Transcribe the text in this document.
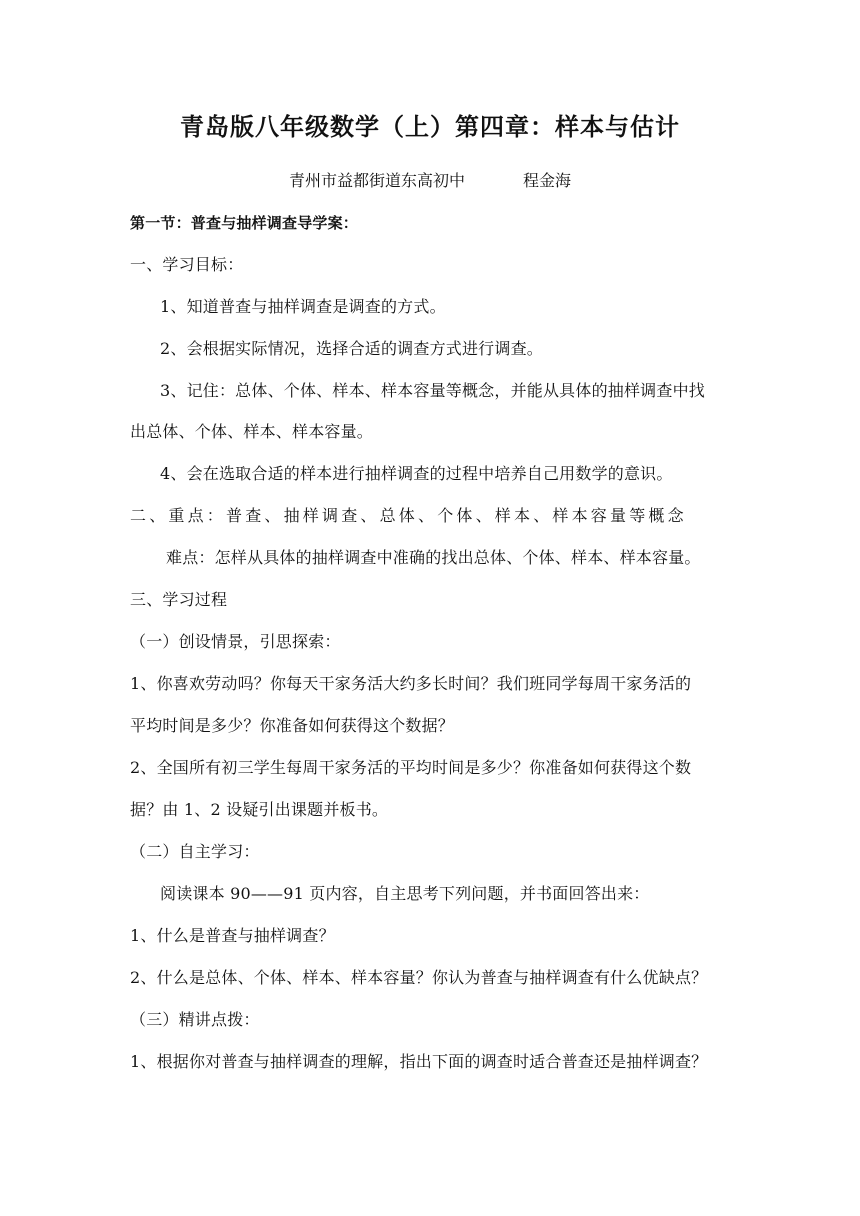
青岛版八年级数学（上）第四章：样本与估计
青州市益都街道东高初中	程金海
第一节：普查与抽样调查导学案：
一、学习目标：
1、知道普查与抽样调查是调查的方式。
2、会根据实际情况，选择合适的调查方式进行调查。
3、记住：总体、个体、样本、样本容量等概念，并能从具体的抽样调查中找
出总体、个体、样本、样本容量。
4、会在选取合适的样本进行抽样调查的过程中培养自己用数学的意识。
二、重点：普查、抽样调查、总体、个体、样本、样本容量等概念
难点：怎样从具体的抽样调查中准确的找出总体、个体、样本、样本容量。
三、学习过程
（一）创设情景，引思探索：
1、你喜欢劳动吗？你每天干家务活大约多长时间？我们班同学每周干家务活的
平均时间是多少？你准备如何获得这个数据？
2、全国所有初三学生每周干家务活的平均时间是多少？你准备如何获得这个数
据？由 1、2 设疑引出课题并板书。
（二）自主学习：
阅读课本 90——91 页内容，自主思考下列问题，并书面回答出来：
1、什么是普查与抽样调查？
2、什么是总体、个体、样本、样本容量？你认为普查与抽样调查有什么优缺点？
（三）精讲点拨：
1、根据你对普查与抽样调查的理解，指出下面的调查时适合普查还是抽样调查？
